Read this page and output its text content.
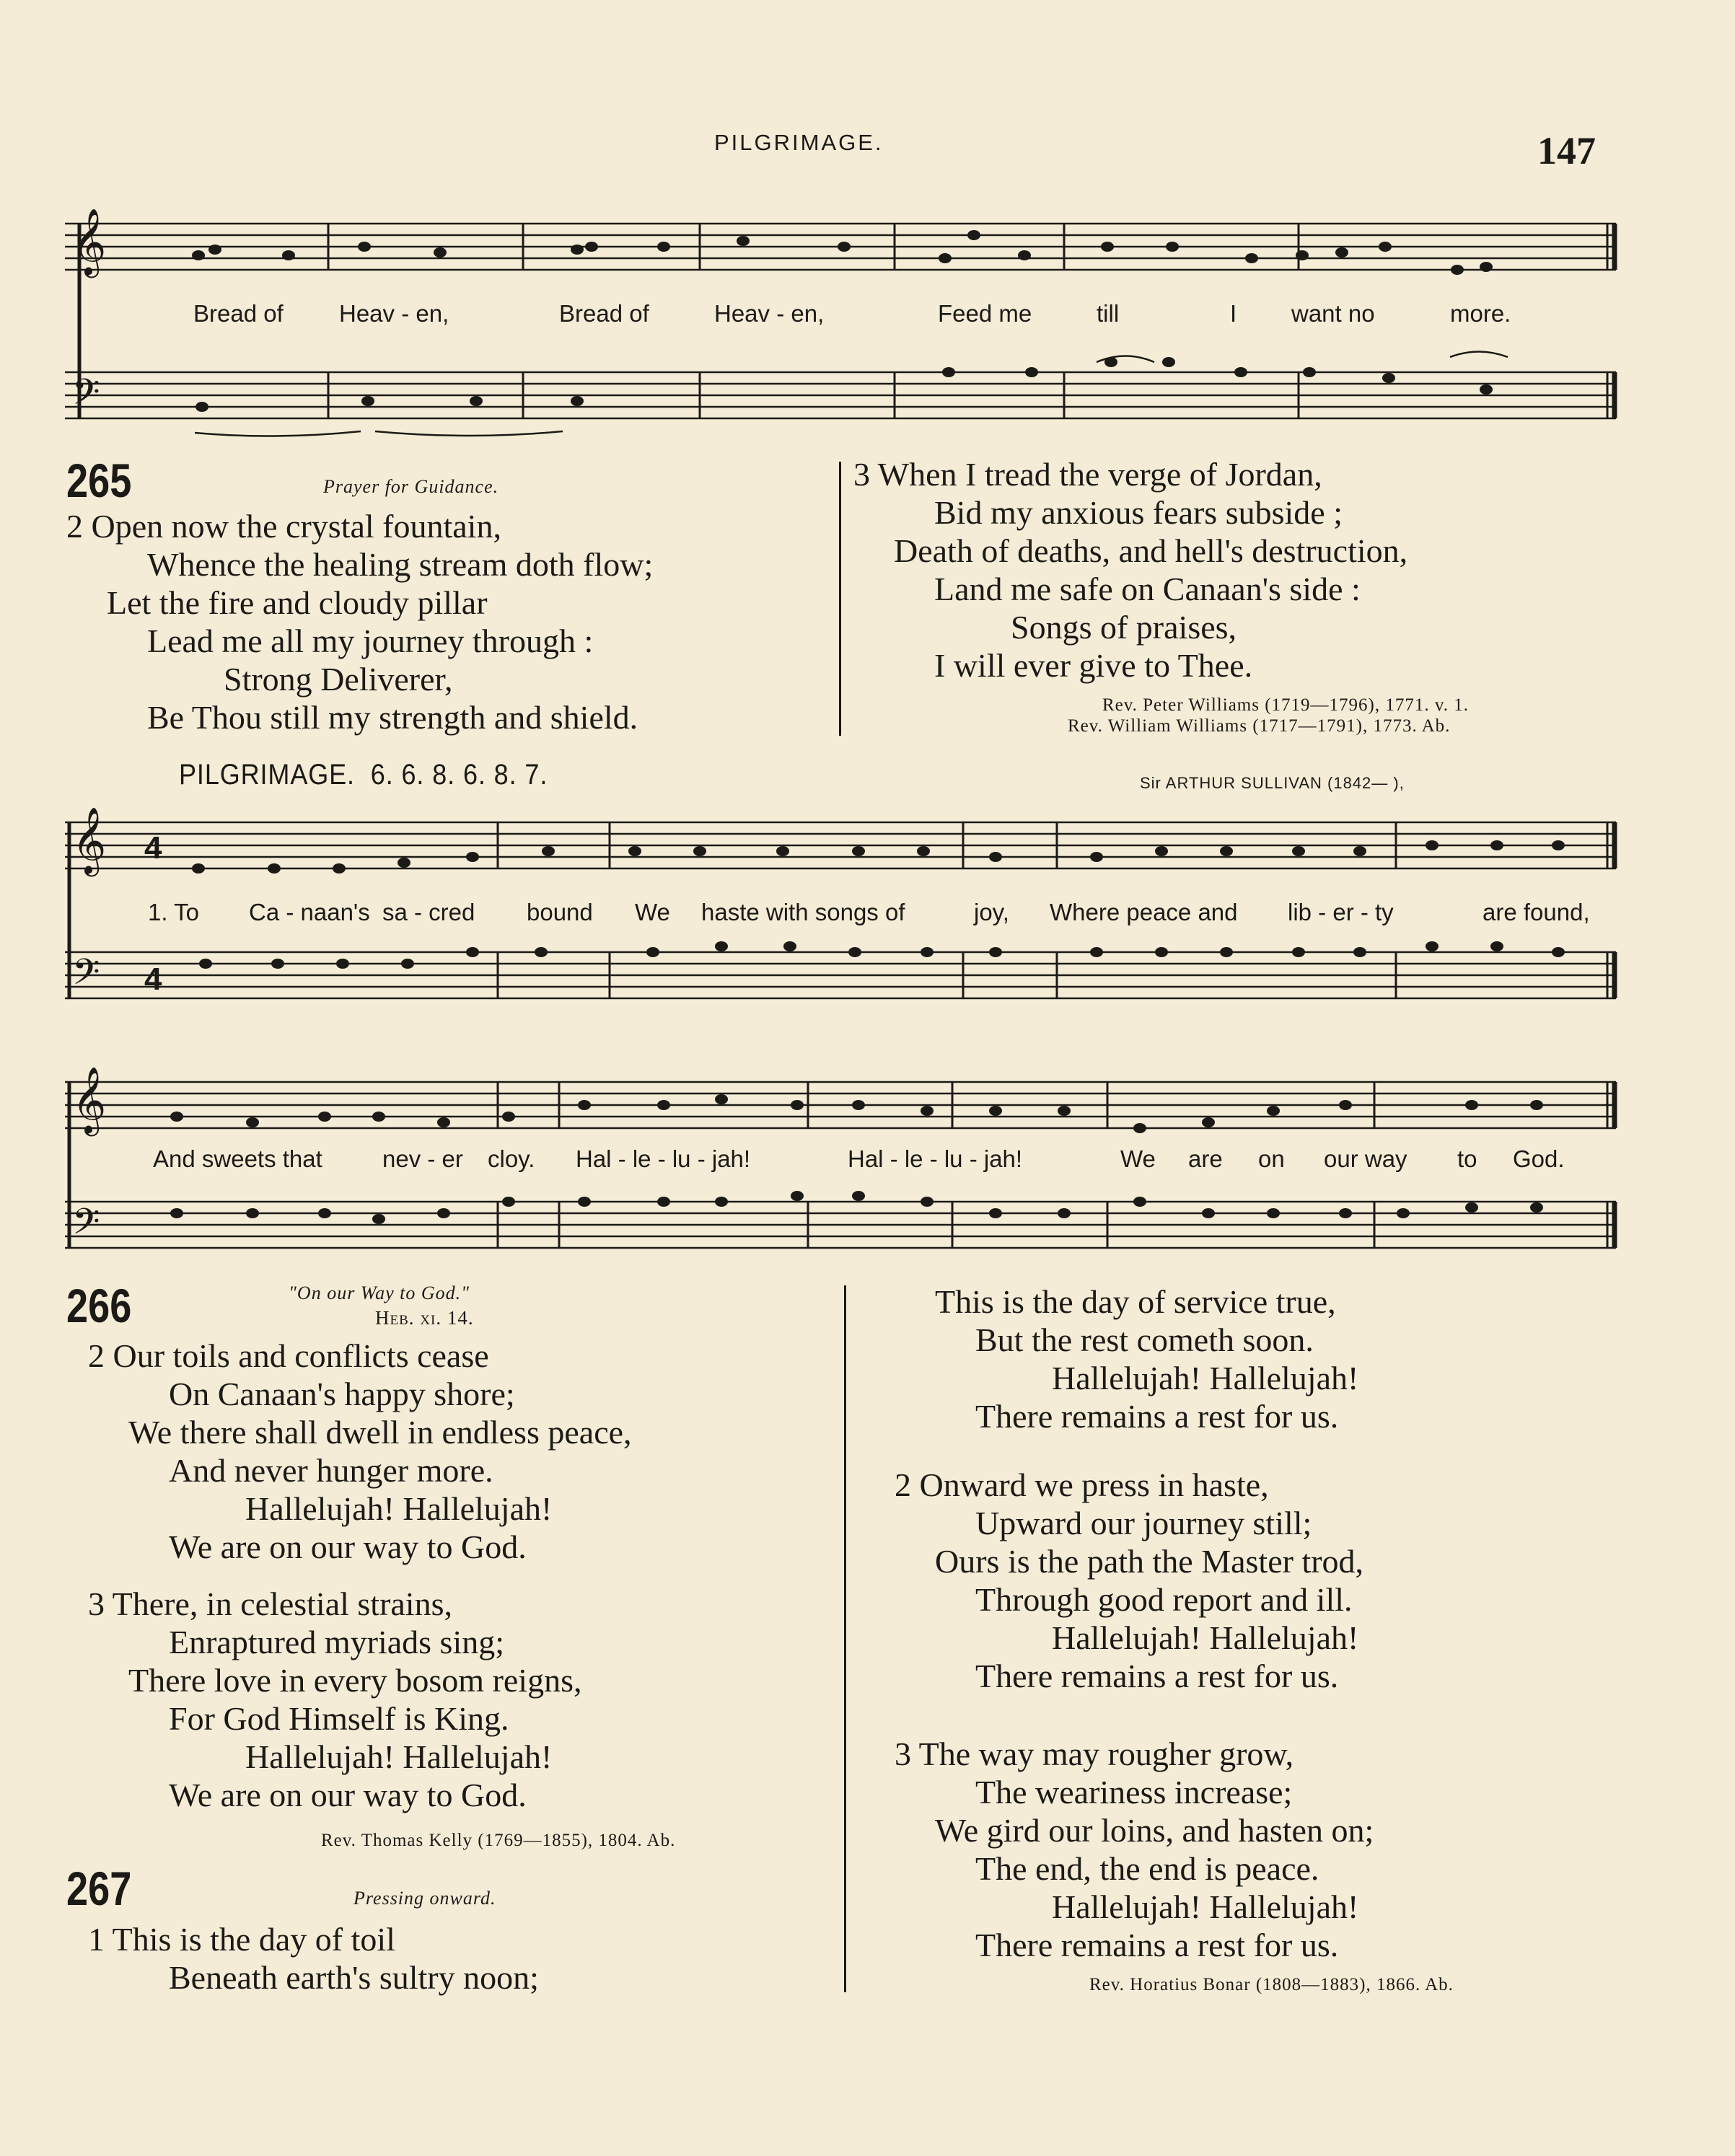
PILGRIMAGE.	147
𝄞
𝄢
Bread of Heav - en,	Bread of	Heav - en,	Feed me	till	I want no	more.
265	Prayer for Guidance.
2 Open now the crystal fountain,
Whence the healing stream doth flow;
Let the fire and cloudy pillar
Lead me all my journey through :
Strong Deliverer,
Be Thou still my strength and shield.
3 When I tread the verge of Jordan,
Bid my anxious fears subside ;
Death of deaths, and hell's destruction,
Land me safe on Canaan's side :
Songs of praises,
I will ever give to Thee.
Rev. Peter Williams (1719—1796), 1771. v. 1.
Rev. William Williams (1717—1791), 1773. Ab.
PILGRIMAGE. 6. 6. 8. 6. 8. 7.	Sir ARTHUR SULLIVAN (1842— ),
𝄞
𝄢
4
4
1. To Ca - naan's sa - cred bound We haste with songs of	joy, Where peace and lib - er - ty	are found,
𝄞
𝄢
And sweets that	nev - er cloy. Hal - le - lu - jah!	Hal - le - lu - jah!	We are on our way to God.
266	"On our Way to God."
Heb. xi. 14.
2 Our toils and conflicts cease
On Canaan's happy shore;
We there shall dwell in endless peace,
And never hunger more.
Hallelujah! Hallelujah!
We are on our way to God.
3 There, in celestial strains,
Enraptured myriads sing;
There love in every bosom reigns,
For God Himself is King.
Hallelujah! Hallelujah!
We are on our way to God.
Rev. Thomas Kelly (1769—1855), 1804. Ab.
267	Pressing onward.
1 This is the day of toil
Beneath earth's sultry noon;
This is the day of service true,
But the rest cometh soon.
Hallelujah! Hallelujah!
There remains a rest for us.
2 Onward we press in haste,
Upward our journey still;
Ours is the path the Master trod,
Through good report and ill.
Hallelujah! Hallelujah!
There remains a rest for us.
3 The way may rougher grow,
The weariness increase;
We gird our loins, and hasten on;
The end, the end is peace.
Hallelujah! Hallelujah!
There remains a rest for us.
Rev. Horatius Bonar (1808—1883), 1866. Ab.
